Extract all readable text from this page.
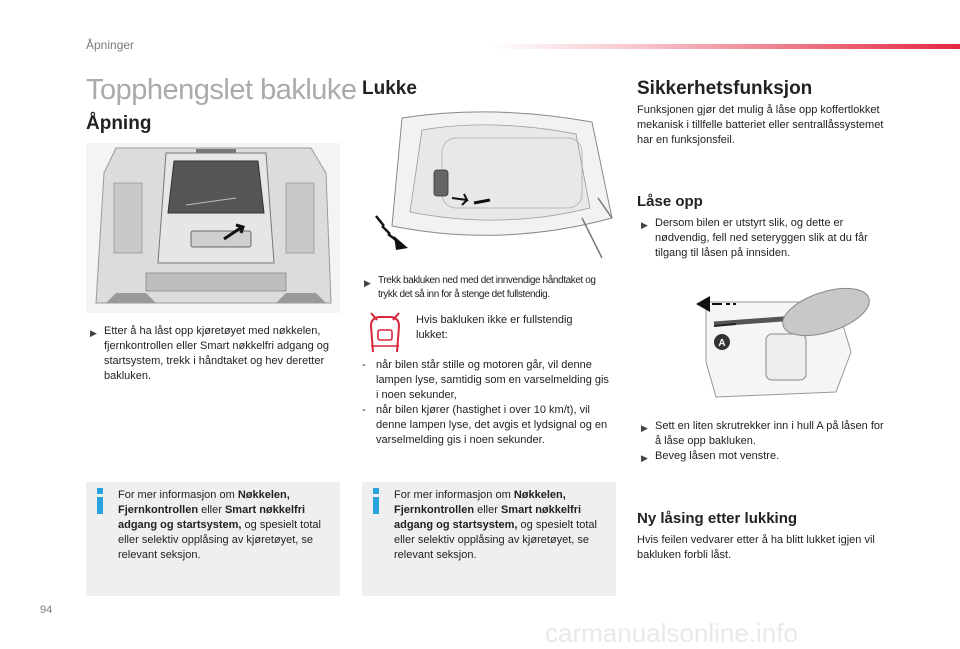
Åpninger
Topphengslet bakluke
Åpning
▶ Etter å ha låst opp kjøretøyet med nøkkelen, fjernkontrollen eller Smart nøkkelfri adgang og startsystem, trekk i håndtaket og hev deretter bakluken.
For mer informasjon om Nøkkelen, Fjernkontrollen eller Smart nøkkelfri adgang og startsystem, og spesielt total eller selektiv opplåsing av kjøretøyet, se relevant seksjon.
Lukke
▶ Trekk bakluken ned med det innvendige håndtaket og trykk det så inn for å stenge det fullstendig.
Hvis bakluken ikke er fullstendig lukket:
- når bilen står stille og motoren går, vil denne lampen lyse, samtidig som en varselmelding gis i noen sekunder,
- når bilen kjører (hastighet i over 10 km/t), vil denne lampen lyse, det avgis et lydsignal og en varselmelding gis i noen sekunder.
For mer informasjon om Nøkkelen, Fjernkontrollen eller Smart nøkkelfri adgang og startsystem, og spesielt total eller selektiv opplåsing av kjøretøyet, se relevant seksjon.
Sikkerhetsfunksjon
Funksjonen gjør det mulig å låse opp koffertlokket mekanisk i tillfelle batteriet eller sentrallåssystemet har en funksjonsfeil.
Låse opp
▶ Dersom bilen er utstyrt slik, og dette er nødvendig, fell ned seteryggen slik at du får tilgang til låsen på innsiden.
A
▶ Sett en liten skrutrekker inn i hull A på låsen for å låse opp bakluken.
▶ Beveg låsen mot venstre.
Ny låsing etter lukking
Hvis feilen vedvarer etter å ha blitt lukket igjen vil bakluken forbli låst.
94
carmanualsonline.info
